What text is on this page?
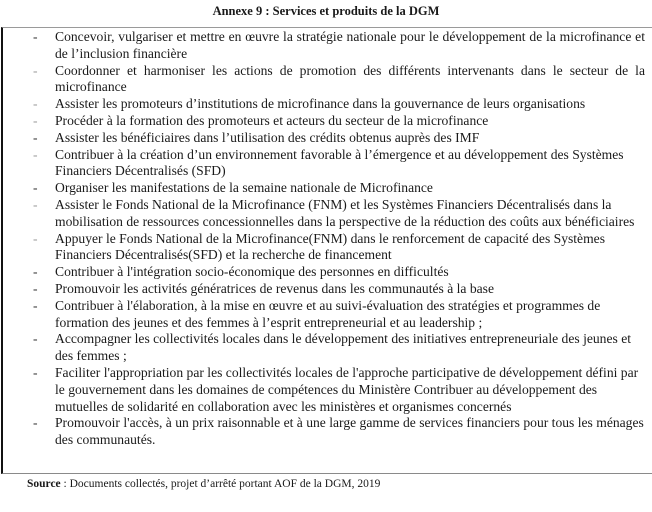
Annexe 9 : Services et produits de la DGM
- Concevoir, vulgariser et mettre en œuvre la stratégie nationale pour le développement de la microfinance et de l’inclusion financière
- Coordonner et harmoniser les actions de promotion des différents intervenants dans le secteur de la microfinance
- Assister les promoteurs d’institutions de microfinance dans la gouvernance de leurs organisations
- Procéder à la formation des promoteurs et acteurs du secteur de la microfinance
- Assister les bénéficiaires dans l’utilisation des crédits obtenus auprès des IMF
- Contribuer à la création d’un environnement favorable à l’émergence et au développement des Systèmes Financiers Décentralisés (SFD)
- Organiser les manifestations de la semaine nationale de Microfinance
- Assister le Fonds National de la Microfinance (FNM) et les Systèmes Financiers Décentralisés dans la mobilisation de ressources concessionnelles dans la perspective de la réduction des coûts aux bénéficiaires
- Appuyer le Fonds National de la Microfinance(FNM) dans le renforcement de capacité des Systèmes Financiers Décentralisés(SFD) et la recherche de financement
- Contribuer à l'intégration socio-économique des personnes en difficultés
- Promouvoir les activités génératrices de revenus dans les communautés à la base
- Contribuer à l'élaboration, à la mise en œuvre et au suivi-évaluation des stratégies et programmes de formation des jeunes et des femmes à l’esprit entrepreneurial et au leadership ;
- Accompagner les collectivités locales dans le développement des initiatives entrepreneuriale des jeunes et des femmes ;
- Faciliter l'appropriation par les collectivités locales de l'approche participative de développement défini par le gouvernement dans les domaines de compétences du Ministère Contribuer au développement des mutuelles de solidarité en collaboration avec les ministères et organismes concernés
- Promouvoir l'accès, à un prix raisonnable et à une large gamme de services financiers pour tous les ménages des communautés.
Source : Documents collectés, projet d’arrêté portant AOF de la DGM, 2019
